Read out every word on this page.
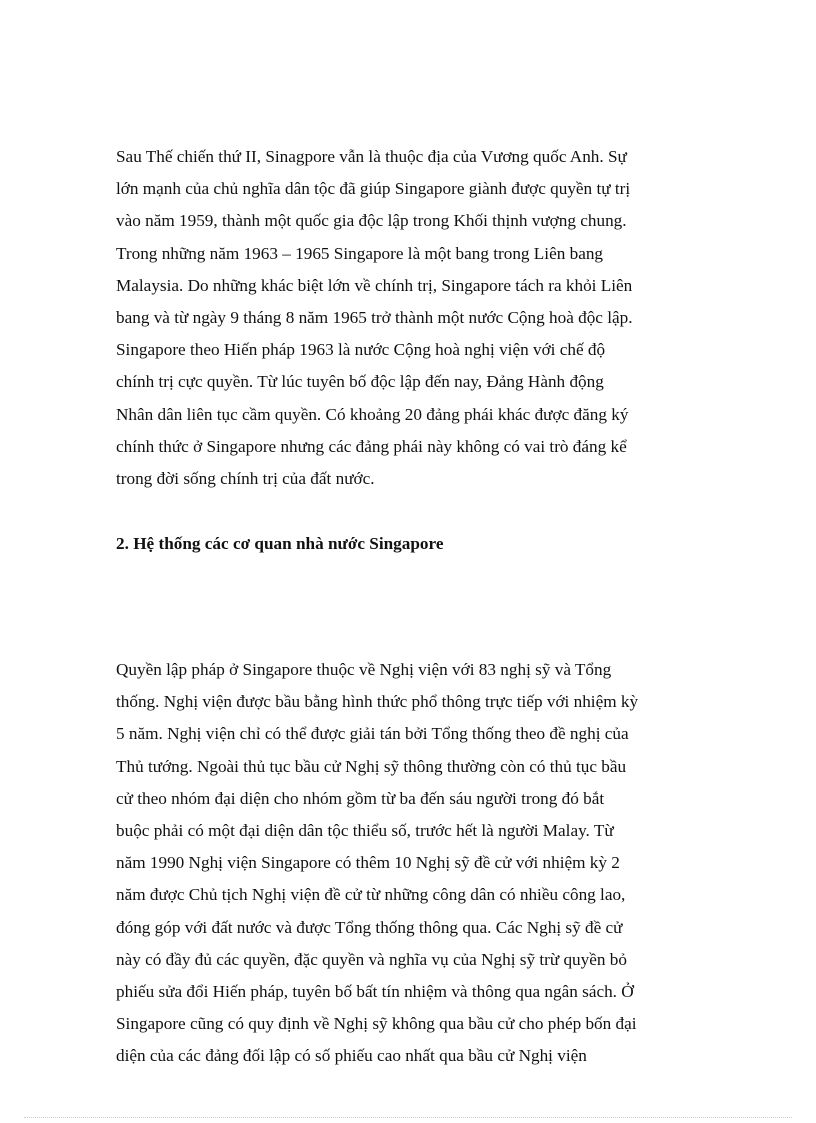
Sau Thế chiến thứ II, Sinagpore vẫn là thuộc địa của Vương quốc Anh. Sự
lớn mạnh của chủ nghĩa dân tộc đã giúp Singapore giành được quyền tự trị
vào năm 1959, thành một quốc gia độc lập trong Khối thịnh vượng chung.
Trong những năm 1963 – 1965 Singapore là một bang trong Liên bang
Malaysia. Do những khác biệt lớn về chính trị, Singapore tách ra khỏi Liên
bang và từ ngày 9 tháng 8 năm 1965 trở thành một nước Cộng hoà độc lập.
Singapore theo Hiến pháp 1963 là nước Cộng hoà nghị viện với chế độ
chính trị cực quyền. Từ lúc tuyên bố độc lập đến nay, Đảng Hành động
Nhân dân liên tục cầm quyền. Có khoảng 20 đảng phái khác được đăng ký
chính thức ở Singapore nhưng các đảng phái này không có vai trò đáng kể
trong đời sống chính trị của đất nước.
2. Hệ thống các cơ quan nhà nước Singapore
Quyền lập pháp ở Singapore thuộc về Nghị viện với 83 nghị sỹ và Tổng
thống. Nghị viện được bầu bằng hình thức phổ thông trực tiếp với nhiệm kỳ
5 năm. Nghị viện chỉ có thể được giải tán bởi Tổng thống theo đề nghị của
Thủ tướng. Ngoài thủ tục bầu cử Nghị sỹ thông thường còn có thủ tục bầu
cử theo nhóm đại diện cho nhóm gồm từ ba đến sáu người trong đó bắt
buộc phải có một đại diện dân tộc thiểu số, trước hết là người Malay. Từ
năm 1990 Nghị viện Singapore có thêm 10 Nghị sỹ đề cử với nhiệm kỳ 2
năm được Chủ tịch Nghị viện đề cử từ những công dân có nhiều công lao,
đóng góp với đất nước và được Tổng thống thông qua. Các Nghị sỹ đề cử
này có đầy đủ các quyền, đặc quyền và nghĩa vụ của Nghị sỹ trừ quyền bỏ
phiếu sửa đổi Hiến pháp, tuyên bố bất tín nhiệm và thông qua ngân sách. Ở
Singapore cũng có quy định về Nghị sỹ không qua bầu cử cho phép bốn đại
diện của các đảng đối lập có số phiếu cao nhất qua bầu cử Nghị viện
